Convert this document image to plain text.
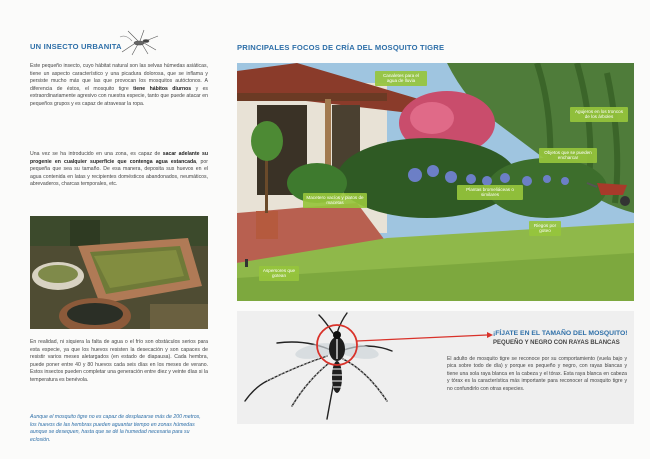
UN INSECTO URBANITA

Este pequeño insecto, cuyo hábitat natural son las selvas húmedas asiáticas, tiene un aspecto característico y una picadura dolorosa, que se inflama y persiste mucho más que las que provocan los mosquitos autóctonos. A diferencia de éstos, el mosquito tigre tiene hábitos diurnos y es extraordinariamente agresivo con nuestra especie, tanto que puede atacar en pequeños grupos y es capaz de atravesar la ropa.

Una vez se ha introducido en una zona, es capaz de sacar adelante su progenie en cualquier superficie que contenga agua estancada, por pequeña que sea su tamaño. De esa manera, deposita sus huevos en el agua contenida en latas y recipientes domésticos abandonados, neumáticos, abrevaderos, charcas temporales, etc.

En realidad, ni siquiera la falta de agua o el frío son obstáculos serios para esta especie, ya que los huevos resisten la desecación y son capaces de resistir varios meses aletargados (en estado de diapausa). Cada hembra, puede poner entre 40 y 80 huevos cada seis días en los meses de verano. Estos insectos pueden completar una generación entre diez y veinte días si la temperatura es benévola.

Aunque el mosquito tigre no es capaz de desplazarse más de 200 metros, los huevos de las hembras pueden aguantar tiempo en zonas húmedas aunque se desequen, hasta que se dé la humedad necesaria para su eclosión.

PRINCIPALES FOCOS DE CRÍA DEL MOSQUITO TIGRE
Canaletes para el agua de lluvia
Agujeros en los troncos de los árboles
Objetos que se pueden encharcar
Macetero vacíos y platos de macetas
Plantas bromeliáceas o similares
Riegos por goteo
Aspersores que gotean
¡FÍJATE EN EL TAMAÑO DEL MOSQUITO!
PEQUEÑO Y NEGRO CON RAYAS BLANCAS

El adulto de mosquito tigre se reconoce por su comportamiento (vuela bajo y pica sobre todo de día) y porque es pequeño y negro, con rayas blancas y tiene una sola raya blanca en la cabeza y el tórax. Esta raya blanca en cabeza y tórax es la característica más importante para reconocer al mosquito tigre y no confundirlo con otras especies.
